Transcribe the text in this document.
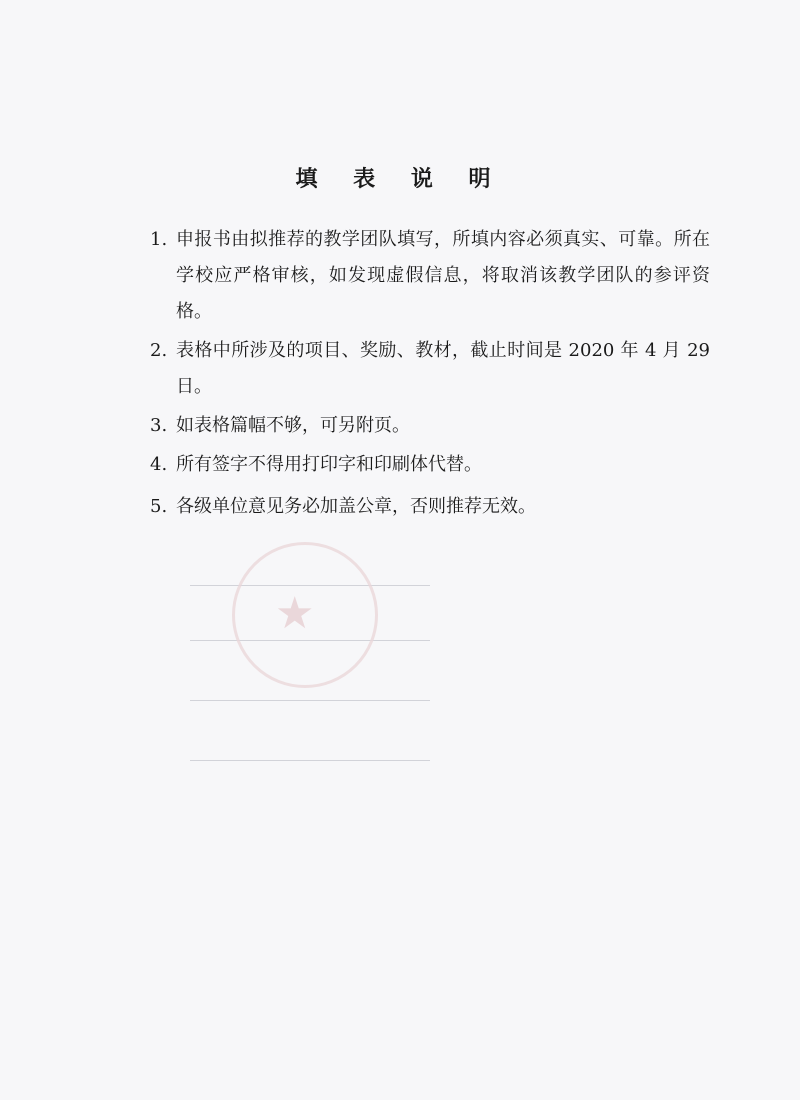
★
填 表 说 明
1. 申报书由拟推荐的教学团队填写，所填内容必须真实、可靠。所在学校应严格审核，如发现虚假信息，将取消该教学团队的参评资格。
2. 表格中所涉及的项目、奖励、教材，截止时间是 2020 年 4 月 29 日。
3. 如表格篇幅不够，可另附页。
4. 所有签字不得用打印字和印刷体代替。
5. 各级单位意见务必加盖公章，否则推荐无效。
